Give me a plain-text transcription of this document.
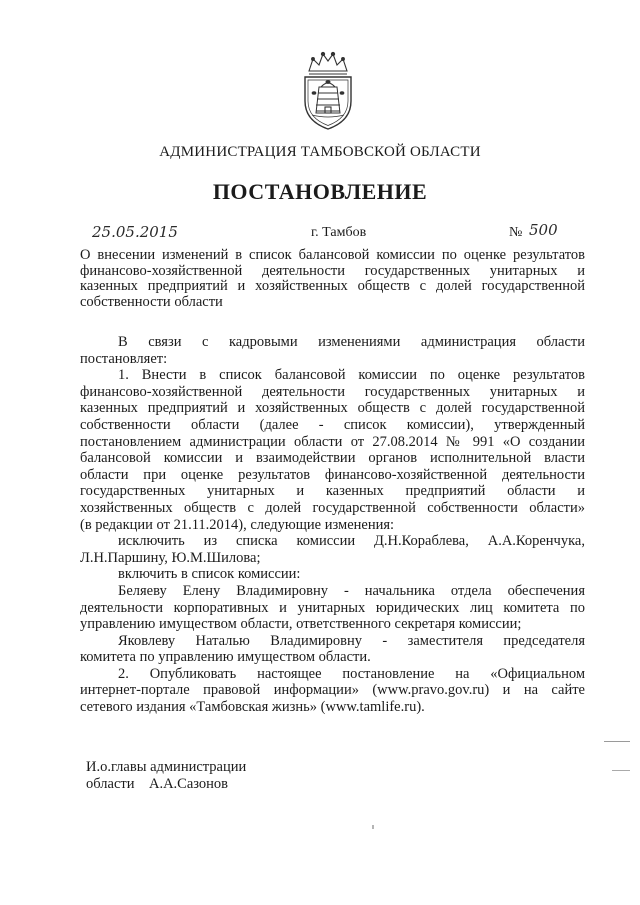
АДМИНИСТРАЦИЯ ТАМБОВСКОЙ ОБЛАСТИ
ПОСТАНОВЛЕНИЕ
25.05.2015	г. Тамбов	№ 500
О внесении изменений в список балансовой комиссии по оценке результатов
финансово-хозяйственной деятельности государственных унитарных и
казенных предприятий и хозяйственных обществ с долей государственной
собственности области

В связи с кадровыми изменениями администрация области

постановляет:

1. Внести в список балансовой комиссии по оценке результатов

финансово-хозяйственной деятельности государственных унитарных и

казенных предприятий и хозяйственных обществ с долей государственной

собственности области (далее - список комиссии), утвержденный

постановлением администрации области от 27.08.2014 № 991 «О создании

балансовой комиссии и взаимодействии органов исполнительной власти

области при оценке результатов финансово-хозяйственной деятельности

государственных унитарных и казенных предприятий области и

хозяйственных обществ с долей государственной собственности области»

(в редакции от 21.11.2014), следующие изменения:

исключить из списка комиссии Д.Н.Кораблева, А.А.Коренчука,

Л.Н.Паршину, Ю.М.Шилова;

включить в список комиссии:

Беляеву Елену Владимировну - начальника отдела обеспечения

деятельности корпоративных и унитарных юридических лиц комитета по

управлению имуществом области, ответственного секретаря комиссии;

Яковлеву Наталью Владимировну - заместителя председателя

комитета по управлению имуществом области.

2. Опубликовать настоящее постановление на «Официальном

интернет-портале правовой информации» (www.pravo.gov.ru) и на сайте

сетевого издания «Тамбовская жизнь» (www.tamlife.ru).

И.о.главы администрации
области А.А.Сазонов
